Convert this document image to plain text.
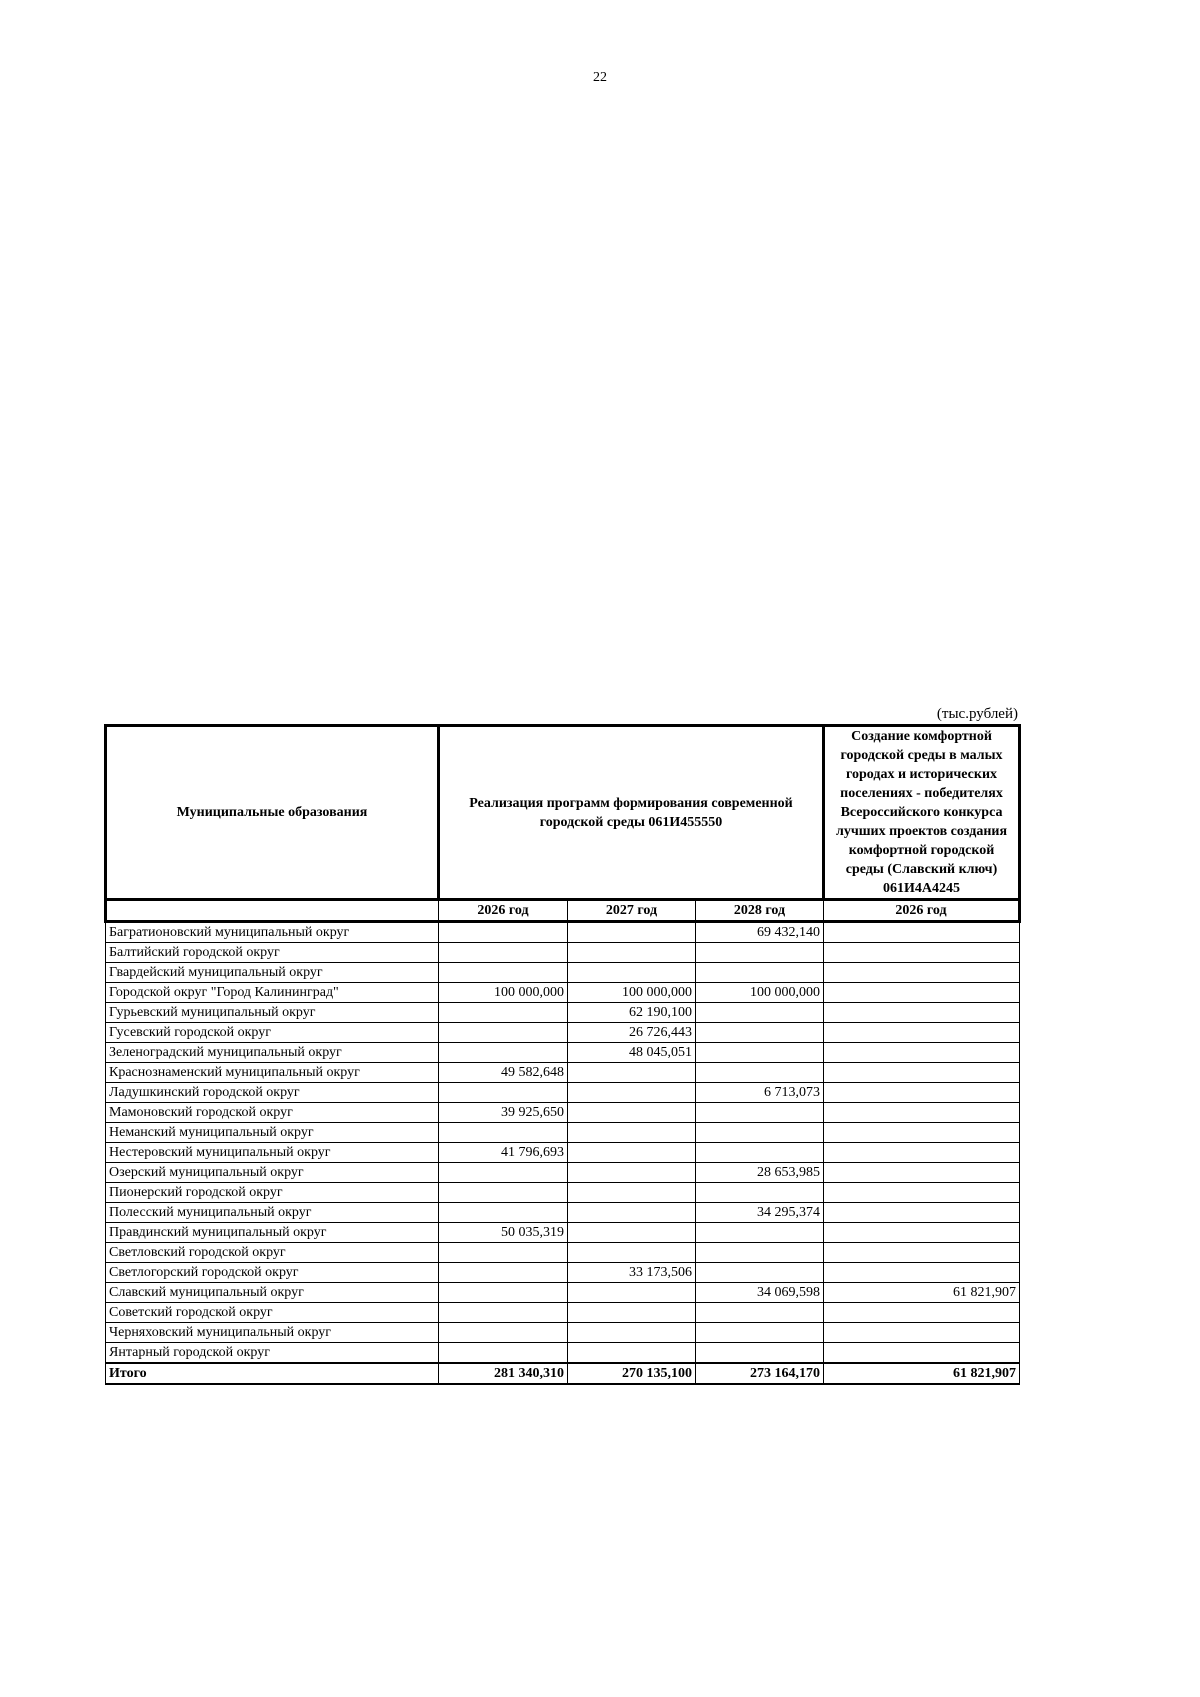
22
(тыс.рублей)
Муниципальные образования	Реализация программ формирования современной городской среды 061И455550			Создание комфортной городской среды в малых городах и исторических поселениях - победителях Всероссийского конкурса лучших проектов создания комфортной городской среды (Славский ключ) 061И4А4245
	2026 год	2027 год	2028 год	2026 год
Багратионовский муниципальный округ			69 432,140	
Балтийский городской округ				
Гвардейский муниципальный округ				
Городской округ "Город Калининград"	100 000,000	100 000,000	100 000,000	
Гурьевский муниципальный округ		62 190,100		
Гусевский городской округ		26 726,443		
Зеленоградский муниципальный округ		48 045,051		
Краснознаменский муниципальный округ	49 582,648			
Ладушкинский городской округ			6 713,073	
Мамоновский городской округ	39 925,650			
Неманский муниципальный округ				
Нестеровский муниципальный округ	41 796,693			
Озерский муниципальный округ			28 653,985	
Пионерский городской округ				
Полесский муниципальный округ			34 295,374	
Правдинский муниципальный округ	50 035,319			
Светловский городской округ				
Светлогорский городской округ		33 173,506		
Славский муниципальный округ			34 069,598	61 821,907
Советский городской округ				
Черняховский муниципальный округ				
Янтарный городской округ				
Итого	281 340,310	270 135,100	273 164,170	61 821,907
